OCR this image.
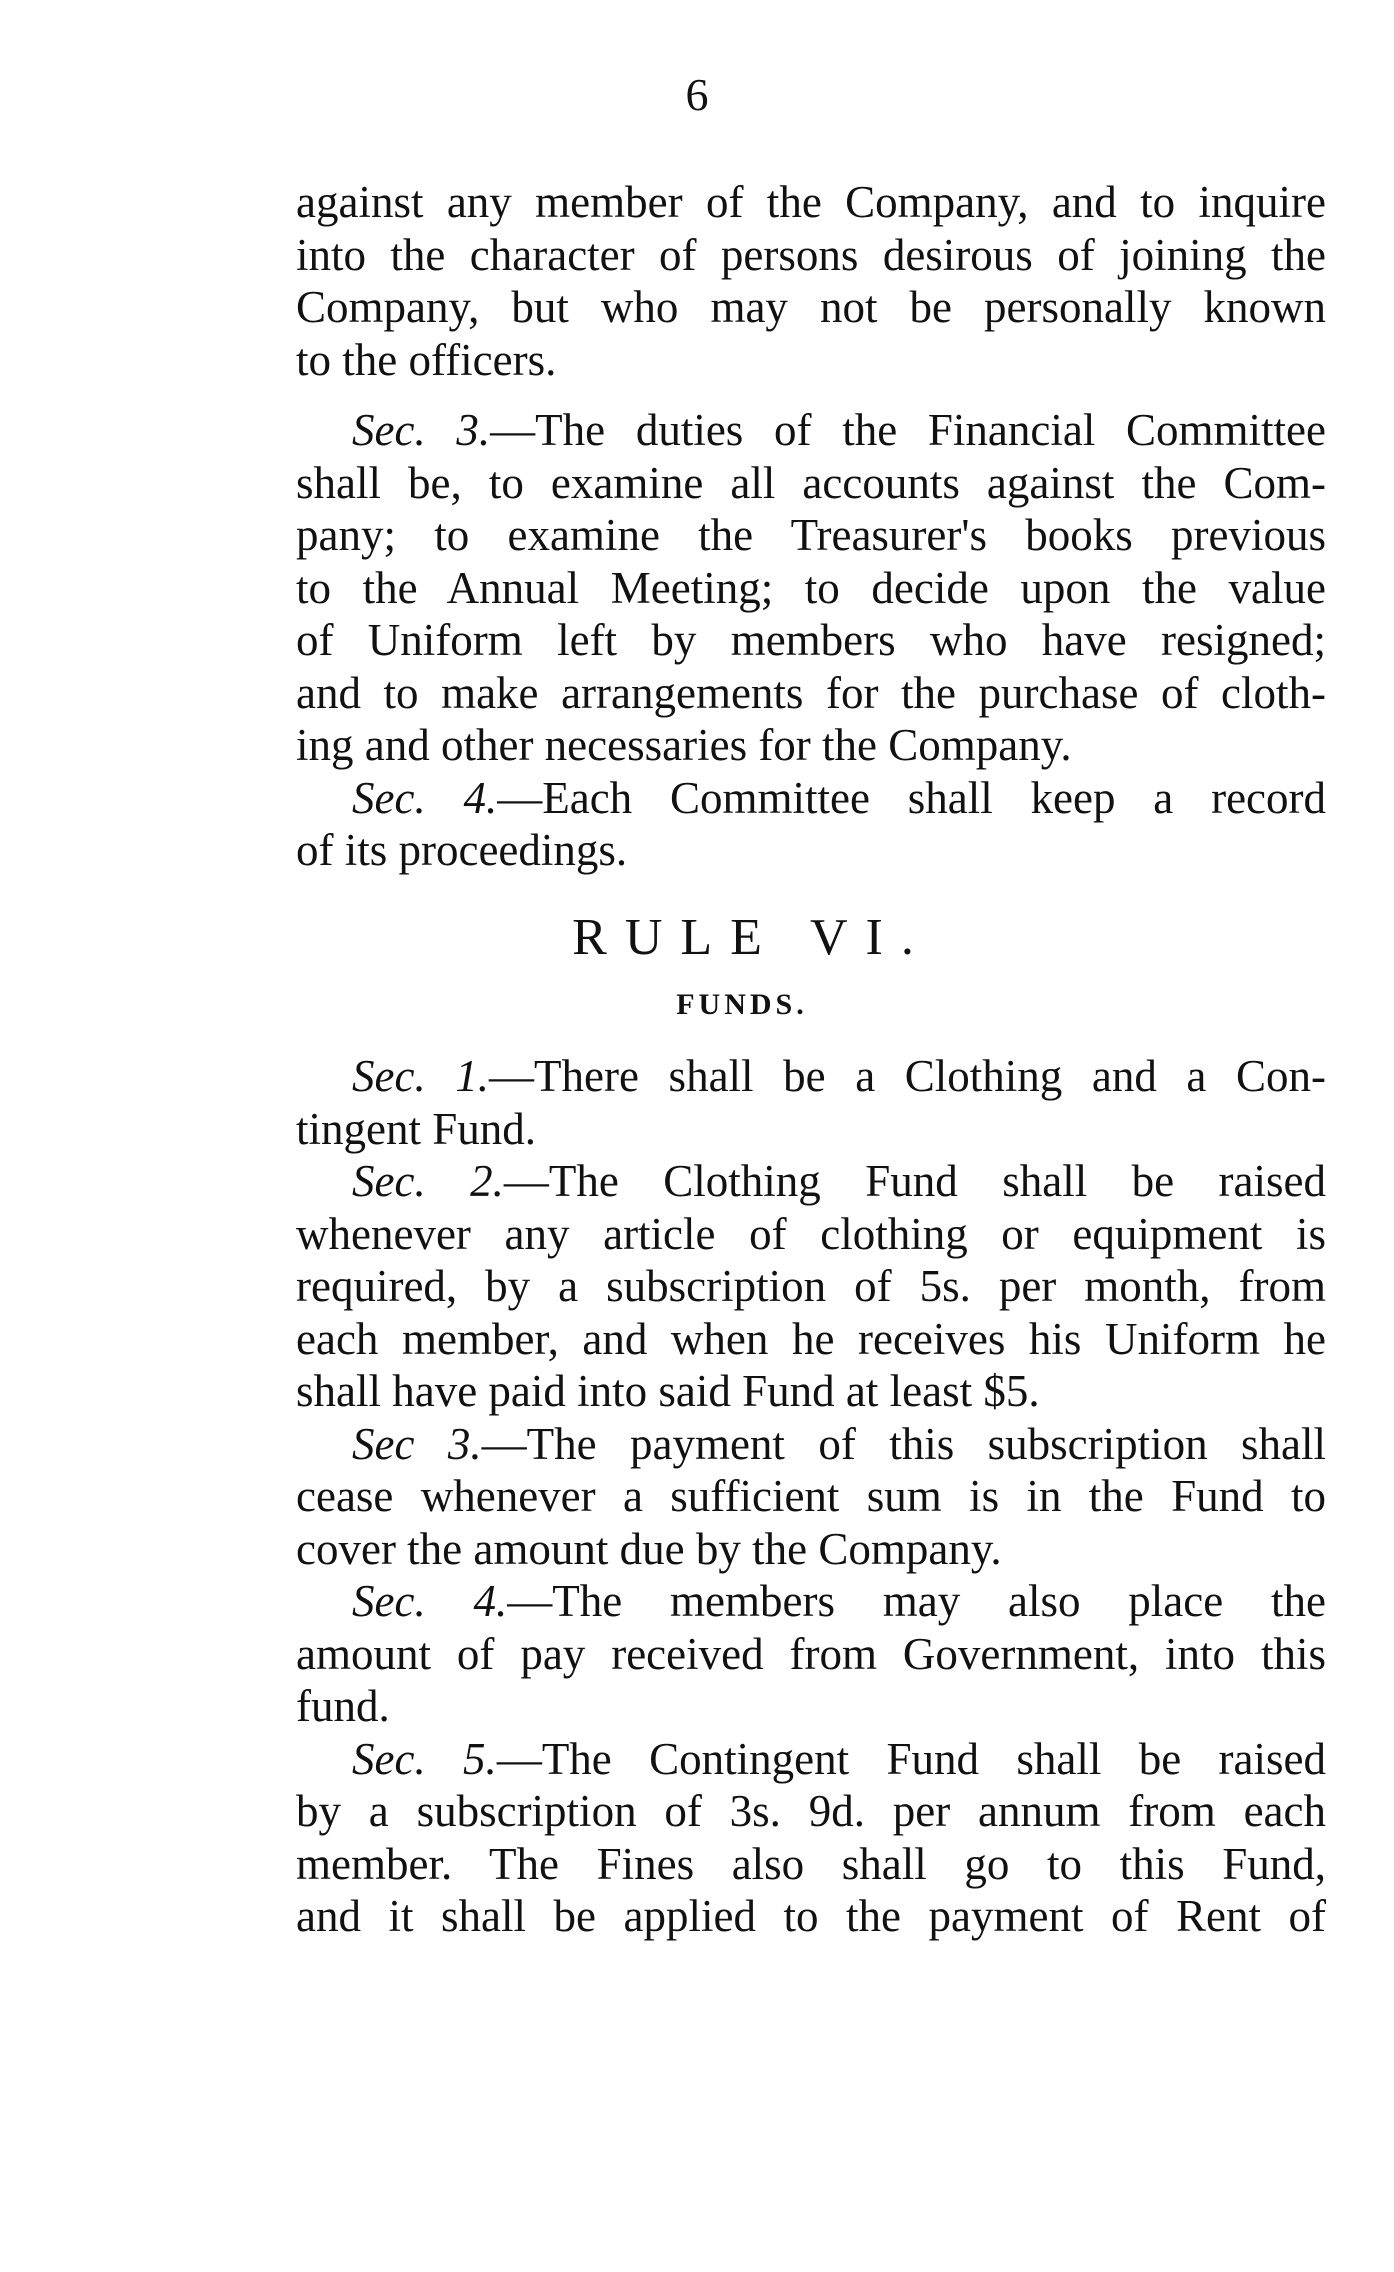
6
against any member of the Company, and to inquire
into the character of persons desirous of joining the
Company, but who may not be personally known
to the officers.
Sec. 3.—The duties of the Financial Committee
shall be, to examine all accounts against the Com-
pany; to examine the Treasurer's books previous
to the Annual Meeting; to decide upon the value
of Uniform left by members who have resigned;
and to make arrangements for the purchase of cloth-
ing and other necessaries for the Company.
Sec. 4.—Each Committee shall keep a record
of its proceedings.
RULE VI.
FUNDS.
Sec. 1.—There shall be a Clothing and a Con-
tingent Fund.
Sec. 2.—The Clothing Fund shall be raised
whenever any article of clothing or equipment is
required, by a subscription of 5s. per month, from
each member, and when he receives his Uniform he
shall have paid into said Fund at least $5.
Sec 3.—The payment of this subscription shall
cease whenever a sufficient sum is in the Fund to
cover the amount due by the Company.
Sec. 4.—The members may also place the
amount of pay received from Government, into this
fund.
Sec. 5.—The Contingent Fund shall be raised
by a subscription of 3s. 9d. per annum from each
member. The Fines also shall go to this Fund,
and it shall be applied to the payment of Rent of
